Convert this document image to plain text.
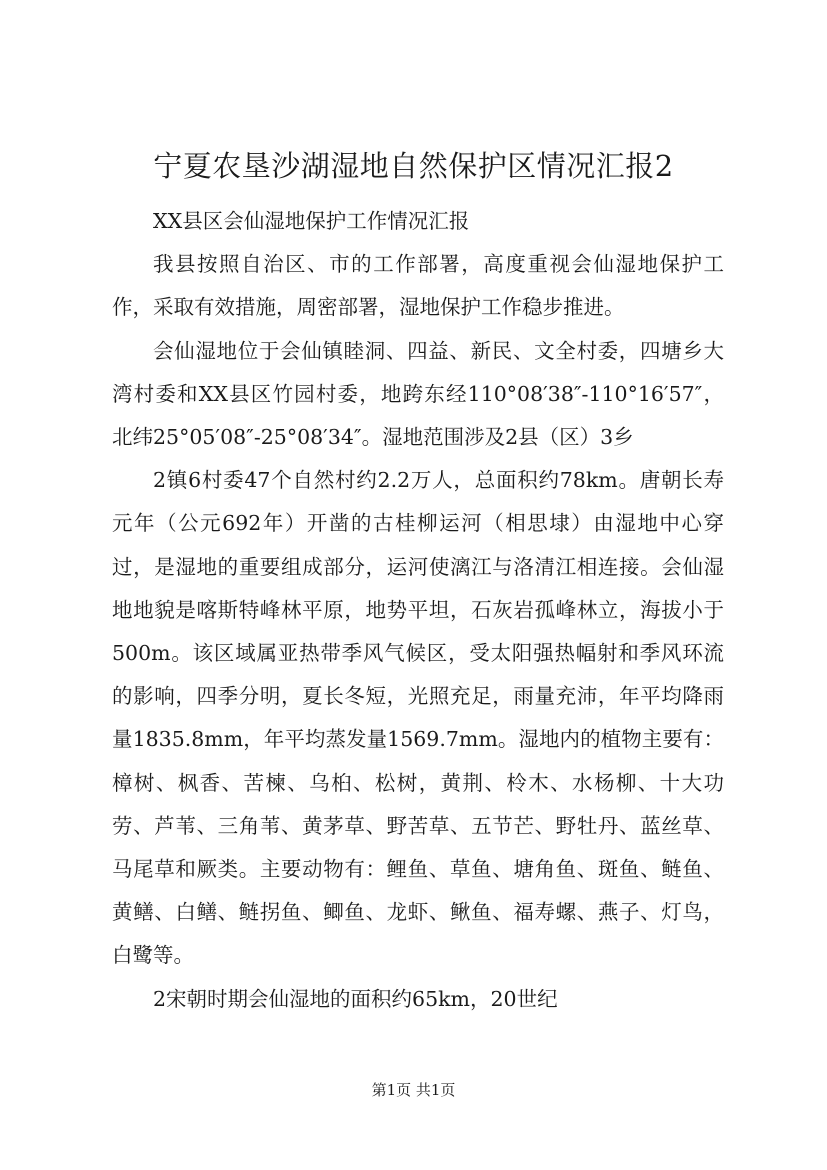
宁夏农垦沙湖湿地自然保护区情况汇报2

XX县区会仙湿地保护工作情况汇报

我县按照自治区、市的工作部署，高度重视会仙湿地保护工作，采取有效措施，周密部署，湿地保护工作稳步推进。

会仙湿地位于会仙镇睦洞、四益、新民、文全村委，四塘乡大湾村委和XX县区竹园村委，地跨东经110°08′38″-110°16′57″，北纬25°05′08″-25°08′34″。湿地范围涉及2县（区）3乡

2镇6村委47个自然村约2.2万人，总面积约78km。唐朝长寿元年（公元692年）开凿的古桂柳运河（相思埭）由湿地中心穿过，是湿地的重要组成部分，运河使漓江与洛清江相连接。会仙湿地地貌是喀斯特峰林平原，地势平坦，石灰岩孤峰林立，海拔小于500m。该区域属亚热带季风气候区，受太阳强热幅射和季风环流的影响，四季分明，夏长冬短，光照充足，雨量充沛，年平均降雨量1835.8mm，年平均蒸发量1569.7mm。湿地内的植物主要有：樟树、枫香、苦楝、乌桕、松树，黄荆、柃木、水杨柳、十大功劳、芦苇、三角苇、黄茅草、野苦草、五节芒、野牡丹、蓝丝草、马尾草和厥类。主要动物有：鲤鱼、草鱼、塘角鱼、斑鱼、鲢鱼、黄鳝、白鳝、鲢拐鱼、鲫鱼、龙虾、鳅鱼、福寿螺、燕子、灯鸟，白鹭等。

2宋朝时期会仙湿地的面积约65km，20世纪

第1页 共1页
